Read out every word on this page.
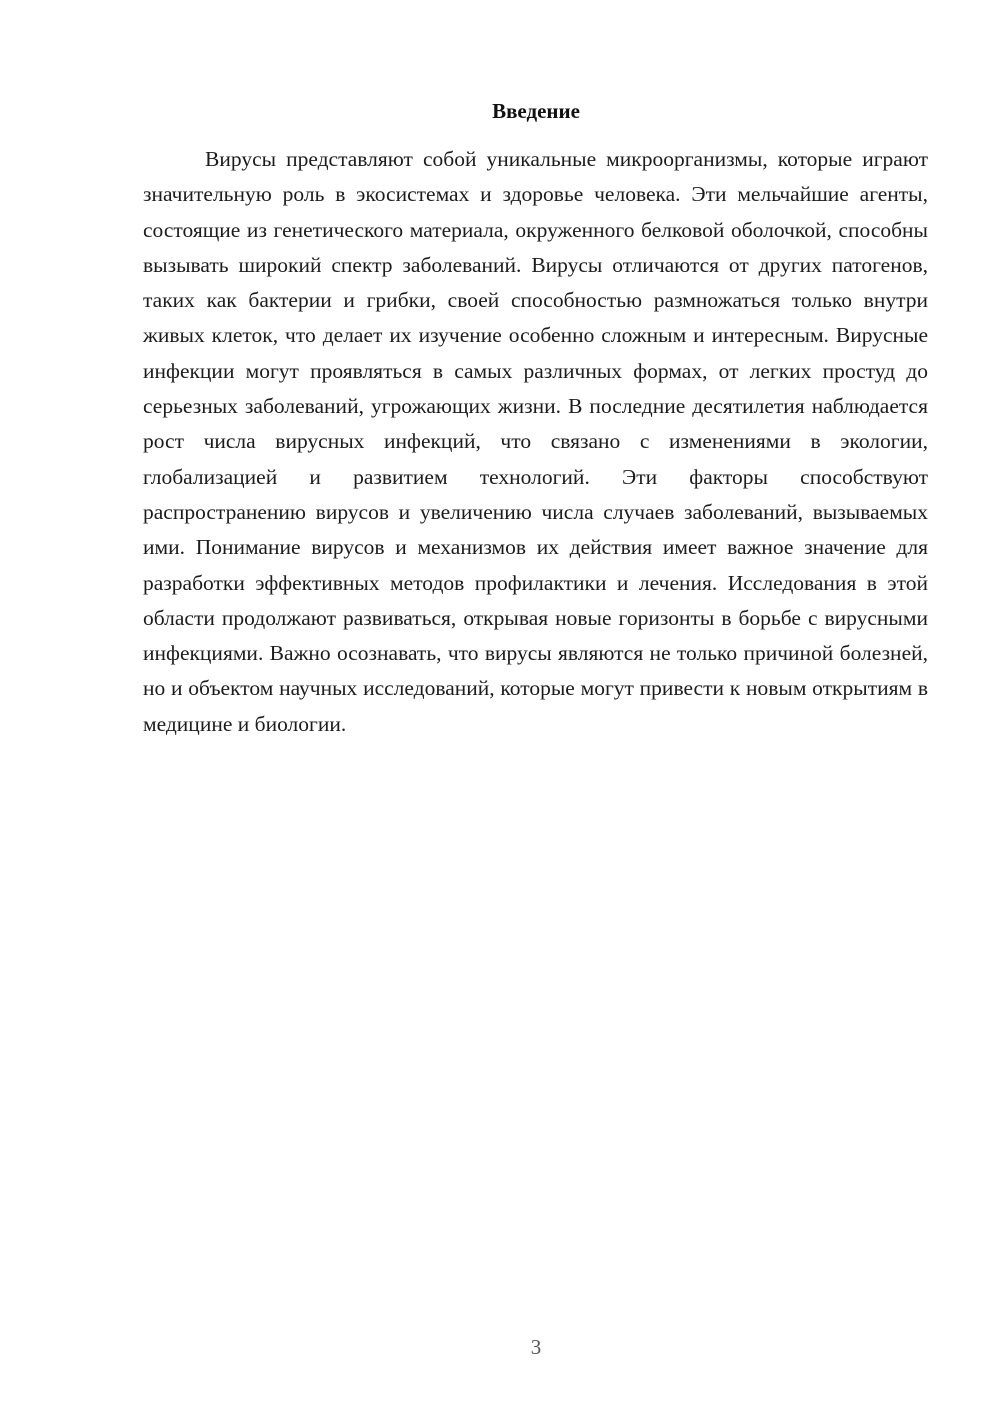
Введение

Вирусы представляют собой уникальные микроорганизмы, которые играют значительную роль в экосистемах и здоровье человека. Эти мельчайшие агенты, состоящие из генетического материала, окруженного белковой оболочкой, способны вызывать широкий спектр заболеваний. Вирусы отличаются от других патогенов, таких как бактерии и грибки, своей способностью размножаться только внутри живых клеток, что делает их изучение особенно сложным и интересным. Вирусные инфекции могут проявляться в самых различных формах, от легких простуд до серьезных заболеваний, угрожающих жизни. В последние десятилетия наблюдается рост числа вирусных инфекций, что связано с изменениями в экологии, глобализацией и развитием технологий. Эти факторы способствуют распространению вирусов и увеличению числа случаев заболеваний, вызываемых ими. Понимание вирусов и механизмов их действия имеет важное значение для разработки эффективных методов профилактики и лечения. Исследования в этой области продолжают развиваться, открывая новые горизонты в борьбе с вирусными инфекциями. Важно осознавать, что вирусы являются не только причиной болезней, но и объектом научных исследований, которые могут привести к новым открытиям в медицине и биологии.

3
